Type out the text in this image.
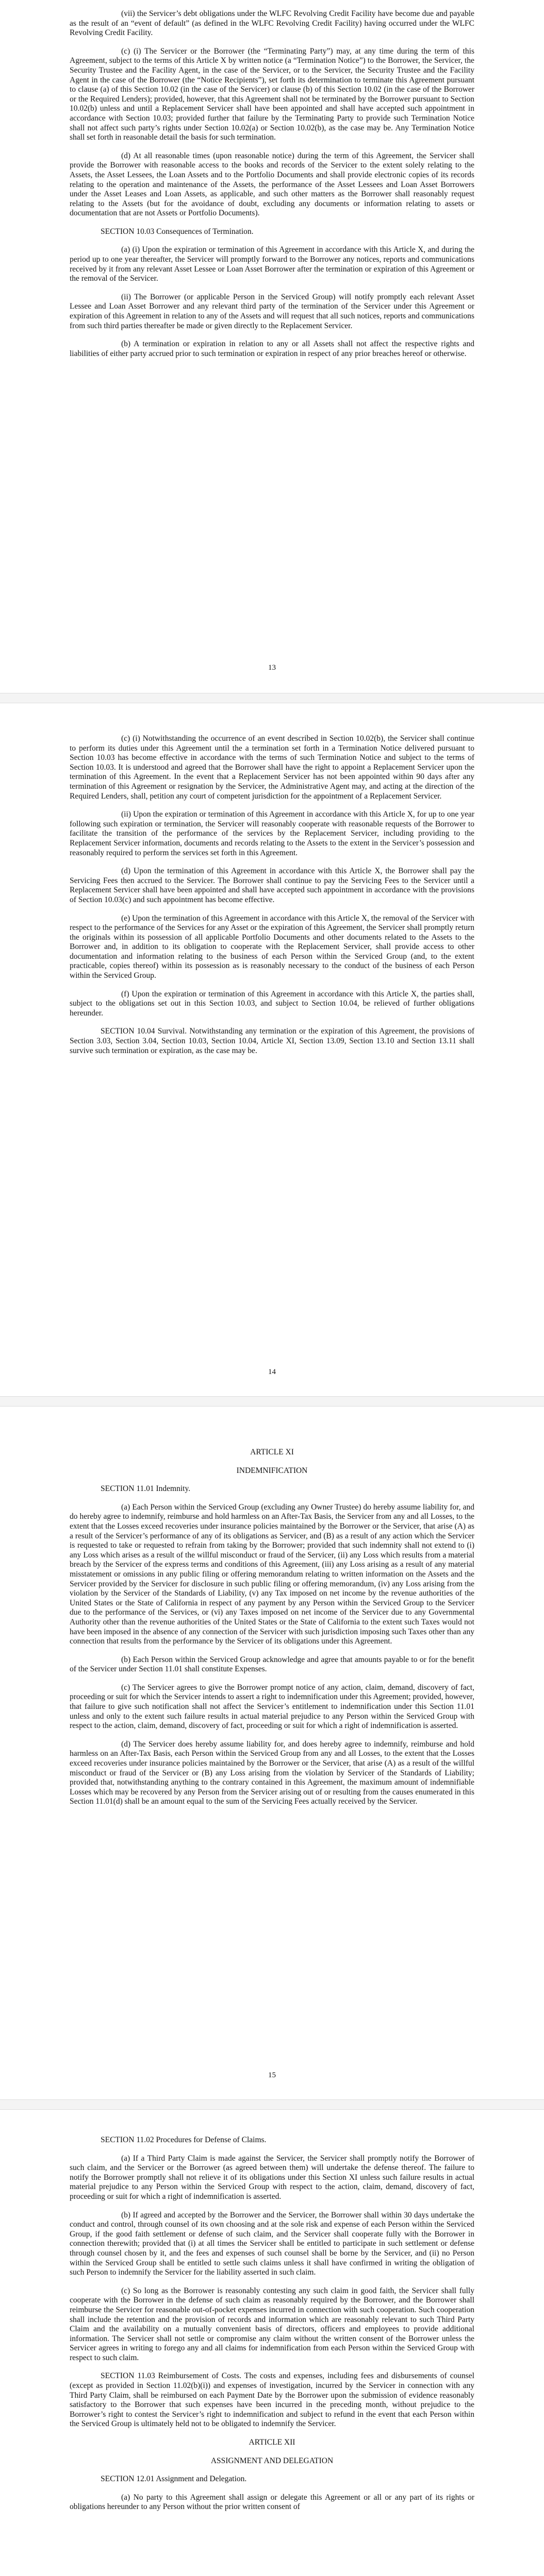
(vii) the Servicer’s debt obligations under the WLFC Revolving Credit Facility have become due and payable as the result of an “event of default” (as defined in the WLFC Revolving Credit Facility) having occurred under the WLFC Revolving Credit Facility.

(c) (i) The Servicer or the Borrower (the “Terminating Party”) may, at any time during the term of this Agreement, subject to the terms of this Article X by written notice (a “Termination Notice”) to the Borrower, the Servicer, the Security Trustee and the Facility Agent, in the case of the Servicer, or to the Servicer, the Security Trustee and the Facility Agent in the case of the Borrower (the “Notice Recipients”), set forth its determination to terminate this Agreement pursuant to clause (a) of this Section 10.02 (in the case of the Servicer) or clause (b) of this Section 10.02 (in the case of the Borrower or the Required Lenders); provided, however, that this Agreement shall not be terminated by the Borrower pursuant to Section 10.02(b) unless and until a Replacement Servicer shall have been appointed and shall have accepted such appointment in accordance with Section 10.03; provided further that failure by the Terminating Party to provide such Termination Notice shall not affect such party’s rights under Section 10.02(a) or Section 10.02(b), as the case may be. Any Termination Notice shall set forth in reasonable detail the basis for such termination.

(d) At all reasonable times (upon reasonable notice) during the term of this Agreement, the Servicer shall provide the Borrower with reasonable access to the books and records of the Servicer to the extent solely relating to the Assets, the Asset Lessees, the Loan Assets and to the Portfolio Documents and shall provide electronic copies of its records relating to the operation and maintenance of the Assets, the performance of the Asset Lessees and Loan Asset Borrowers under the Asset Leases and Loan Assets, as applicable, and such other matters as the Borrower shall reasonably request relating to the Assets (but for the avoidance of doubt, excluding any documents or information relating to assets or documentation that are not Assets or Portfolio Documents).

SECTION 10.03 Consequences of Termination.

(a) (i) Upon the expiration or termination of this Agreement in accordance with this Article X, and during the period up to one year thereafter, the Servicer will promptly forward to the Borrower any notices, reports and communications received by it from any relevant Asset Lessee or Loan Asset Borrower after the termination or expiration of this Agreement or the removal of the Servicer.

(ii) The Borrower (or applicable Person in the Serviced Group) will notify promptly each relevant Asset Lessee and Loan Asset Borrower and any relevant third party of the termination of the Servicer under this Agreement or expiration of this Agreement in relation to any of the Assets and will request that all such notices, reports and communications from such third parties thereafter be made or given directly to the Replacement Servicer.

(b) A termination or expiration in relation to any or all Assets shall not affect the respective rights and liabilities of either party accrued prior to such termination or expiration in respect of any prior breaches hereof or otherwise.

13

(c) (i) Notwithstanding the occurrence of an event described in Section 10.02(b), the Servicer shall continue to perform its duties under this Agreement until the a termination set forth in a Termination Notice delivered pursuant to Section 10.03 has become effective in accordance with the terms of such Termination Notice and subject to the terms of Section 10.03. It is understood and agreed that the Borrower shall have the right to appoint a Replacement Servicer upon the termination of this Agreement. In the event that a Replacement Servicer has not been appointed within 90 days after any termination of this Agreement or resignation by the Servicer, the Administrative Agent may, and acting at the direction of the Required Lenders, shall, petition any court of competent jurisdiction for the appointment of a Replacement Servicer.

(ii) Upon the expiration or termination of this Agreement in accordance with this Article X, for up to one year following such expiration or termination, the Servicer will reasonably cooperate with reasonable requests of the Borrower to facilitate the transition of the performance of the services by the Replacement Servicer, including providing to the Replacement Servicer information, documents and records relating to the Assets to the extent in the Servicer’s possession and reasonably required to perform the services set forth in this Agreement.

(d) Upon the termination of this Agreement in accordance with this Article X, the Borrower shall pay the Servicing Fees then accrued to the Servicer. The Borrower shall continue to pay the Servicing Fees to the Servicer until a Replacement Servicer shall have been appointed and shall have accepted such appointment in accordance with the provisions of Section 10.03(c) and such appointment has become effective.

(e) Upon the termination of this Agreement in accordance with this Article X, the removal of the Servicer with respect to the performance of the Services for any Asset or the expiration of this Agreement, the Servicer shall promptly return the originals within its possession of all applicable Portfolio Documents and other documents related to the Assets to the Borrower and, in addition to its obligation to cooperate with the Replacement Servicer, shall provide access to other documentation and information relating to the business of each Person within the Serviced Group (and, to the extent practicable, copies thereof) within its possession as is reasonably necessary to the conduct of the business of each Person within the Serviced Group.

(f) Upon the expiration or termination of this Agreement in accordance with this Article X, the parties shall, subject to the obligations set out in this Section 10.03, and subject to Section 10.04, be relieved of further obligations hereunder.

SECTION 10.04 Survival. Notwithstanding any termination or the expiration of this Agreement, the provisions of Section 3.03, Section 3.04, Section 10.03, Section 10.04, Article XI, Section 13.09, Section 13.10 and Section 13.11 shall survive such termination or expiration, as the case may be.

14

ARTICLE XI

INDEMNIFICATION

SECTION 11.01 Indemnity.

(a) Each Person within the Serviced Group (excluding any Owner Trustee) do hereby assume liability for, and do hereby agree to indemnify, reimburse and hold harmless on an After-Tax Basis, the Servicer from any and all Losses, to the extent that the Losses exceed recoveries under insurance policies maintained by the Borrower or the Servicer, that arise (A) as a result of the Servicer’s performance of any of its obligations as Servicer, and (B) as a result of any action which the Servicer is requested to take or requested to refrain from taking by the Borrower; provided that such indemnity shall not extend to (i) any Loss which arises as a result of the willful misconduct or fraud of the Servicer, (ii) any Loss which results from a material breach by the Servicer of the express terms and conditions of this Agreement, (iii) any Loss arising as a result of any material misstatement or omissions in any public filing or offering memorandum relating to written information on the Assets and the Servicer provided by the Servicer for disclosure in such public filing or offering memorandum, (iv) any Loss arising from the violation by the Servicer of the Standards of Liability, (v) any Tax imposed on net income by the revenue authorities of the United States or the State of California in respect of any payment by any Person within the Serviced Group to the Servicer due to the performance of the Services, or (vi) any Taxes imposed on net income of the Servicer due to any Governmental Authority other than the revenue authorities of the United States or the State of California to the extent such Taxes would not have been imposed in the absence of any connection of the Servicer with such jurisdiction imposing such Taxes other than any connection that results from the performance by the Servicer of its obligations under this Agreement.

(b) Each Person within the Serviced Group acknowledge and agree that amounts payable to or for the benefit of the Servicer under Section 11.01 shall constitute Expenses.

(c) The Servicer agrees to give the Borrower prompt notice of any action, claim, demand, discovery of fact, proceeding or suit for which the Servicer intends to assert a right to indemnification under this Agreement; provided, however, that failure to give such notification shall not affect the Servicer’s entitlement to indemnification under this Section 11.01 unless and only to the extent such failure results in actual material prejudice to any Person within the Serviced Group with respect to the action, claim, demand, discovery of fact, proceeding or suit for which a right of indemnification is asserted.

(d) The Servicer does hereby assume liability for, and does hereby agree to indemnify, reimburse and hold harmless on an After-Tax Basis, each Person within the Serviced Group from any and all Losses, to the extent that the Losses exceed recoveries under insurance policies maintained by the Borrower or the Servicer, that arise (A) as a result of the willful misconduct or fraud of the Servicer or (B) any Loss arising from the violation by Servicer of the Standards of Liability; provided that, notwithstanding anything to the contrary contained in this Agreement, the maximum amount of indemnifiable Losses which may be recovered by any Person from the Servicer arising out of or resulting from the causes enumerated in this Section 11.01(d) shall be an amount equal to the sum of the Servicing Fees actually received by the Servicer.

15

SECTION 11.02 Procedures for Defense of Claims.

(a) If a Third Party Claim is made against the Servicer, the Servicer shall promptly notify the Borrower of such claim, and the Servicer or the Borrower (as agreed between them) will undertake the defense thereof. The failure to notify the Borrower promptly shall not relieve it of its obligations under this Section XI unless such failure results in actual material prejudice to any Person within the Serviced Group with respect to the action, claim, demand, discovery of fact, proceeding or suit for which a right of indemnification is asserted.

(b) If agreed and accepted by the Borrower and the Servicer, the Borrower shall within 30 days undertake the conduct and control, through counsel of its own choosing and at the sole risk and expense of each Person within the Serviced Group, if the good faith settlement or defense of such claim, and the Servicer shall cooperate fully with the Borrower in connection therewith; provided that (i) at all times the Servicer shall be entitled to participate in such settlement or defense through counsel chosen by it, and the fees and expenses of such counsel shall be borne by the Servicer, and (ii) no Person within the Serviced Group shall be entitled to settle such claims unless it shall have confirmed in writing the obligation of such Person to indemnify the Servicer for the liability asserted in such claim.

(c) So long as the Borrower is reasonably contesting any such claim in good faith, the Servicer shall fully cooperate with the Borrower in the defense of such claim as reasonably required by the Borrower, and the Borrower shall reimburse the Servicer for reasonable out-of-pocket expenses incurred in connection with such cooperation. Such cooperation shall include the retention and the provision of records and information which are reasonably relevant to such Third Party Claim and the availability on a mutually convenient basis of directors, officers and employees to provide additional information. The Servicer shall not settle or compromise any claim without the written consent of the Borrower unless the Servicer agrees in writing to forego any and all claims for indemnification from each Person within the Serviced Group with respect to such claim.

SECTION 11.03 Reimbursement of Costs. The costs and expenses, including fees and disbursements of counsel (except as provided in Section 11.02(b)(i)) and expenses of investigation, incurred by the Servicer in connection with any Third Party Claim, shall be reimbursed on each Payment Date by the Borrower upon the submission of evidence reasonably satisfactory to the Borrower that such expenses have been incurred in the preceding month, without prejudice to the Borrower’s right to contest the Servicer’s right to indemnification and subject to refund in the event that each Person within the Serviced Group is ultimately held not to be obligated to indemnify the Servicer.

ARTICLE XII

ASSIGNMENT AND DELEGATION

SECTION 12.01 Assignment and Delegation.

(a) No party to this Agreement shall assign or delegate this Agreement or all or any part of its rights or obligations hereunder to any Person without the prior written consent of
